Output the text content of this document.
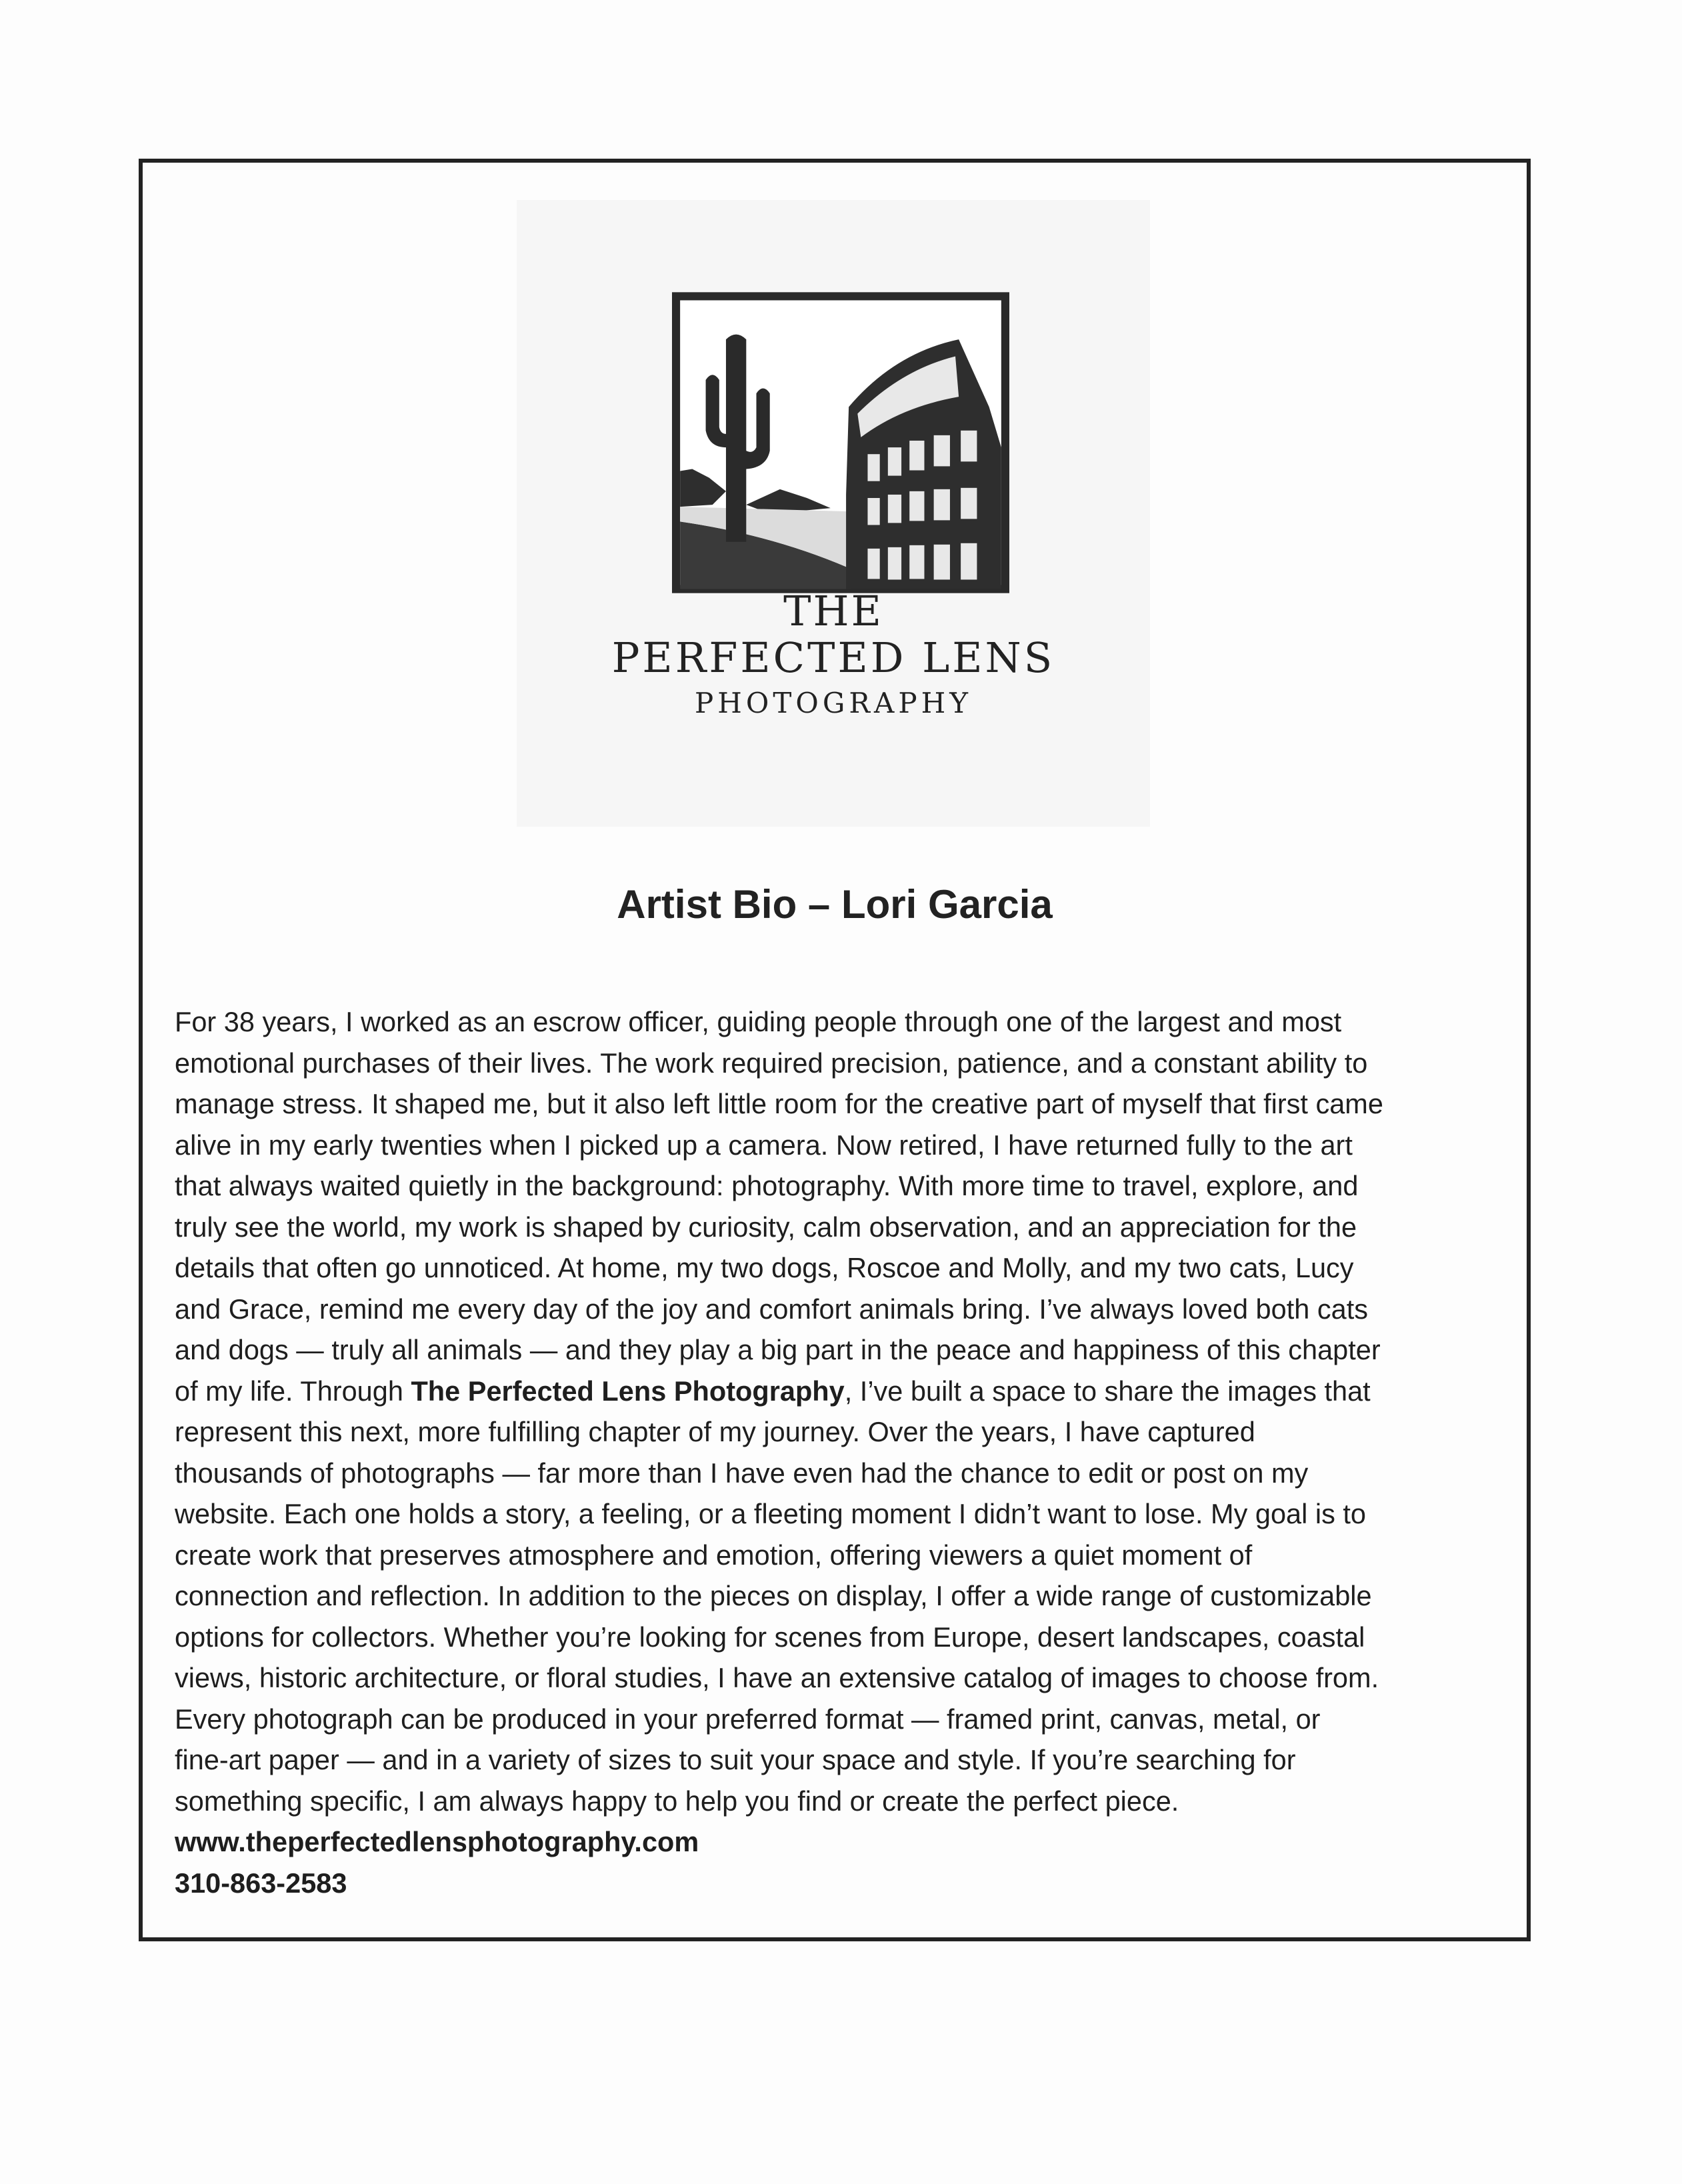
THE
PERFECTED LENS
PHOTOGRAPHY
Artist Bio – Lori Garcia
For 38 years, I worked as an escrow officer, guiding people through one of the largest and most
emotional purchases of their lives. The work required precision, patience, and a constant ability to
manage stress. It shaped me, but it also left little room for the creative part of myself that first came
alive in my early twenties when I picked up a camera. Now retired, I have returned fully to the art
that always waited quietly in the background: photography. With more time to travel, explore, and
truly see the world, my work is shaped by curiosity, calm observation, and an appreciation for the
details that often go unnoticed. At home, my two dogs, Roscoe and Molly, and my two cats, Lucy
and Grace, remind me every day of the joy and comfort animals bring. I’ve always loved both cats
and dogs — truly all animals — and they play a big part in the peace and happiness of this chapter
of my life. Through The Perfected Lens Photography, I’ve built a space to share the images that
represent this next, more fulfilling chapter of my journey. Over the years, I have captured
thousands of photographs — far more than I have even had the chance to edit or post on my
website. Each one holds a story, a feeling, or a fleeting moment I didn’t want to lose. My goal is to
create work that preserves atmosphere and emotion, offering viewers a quiet moment of
connection and reflection. In addition to the pieces on display, I offer a wide range of customizable
options for collectors. Whether you’re looking for scenes from Europe, desert landscapes, coastal
views, historic architecture, or floral studies, I have an extensive catalog of images to choose from.
Every photograph can be produced in your preferred format — framed print, canvas, metal, or
fine-art paper — and in a variety of sizes to suit your space and style. If you’re searching for
something specific, I am always happy to help you find or create the perfect piece.
www.theperfectedlensphotography.com
310-863-2583
